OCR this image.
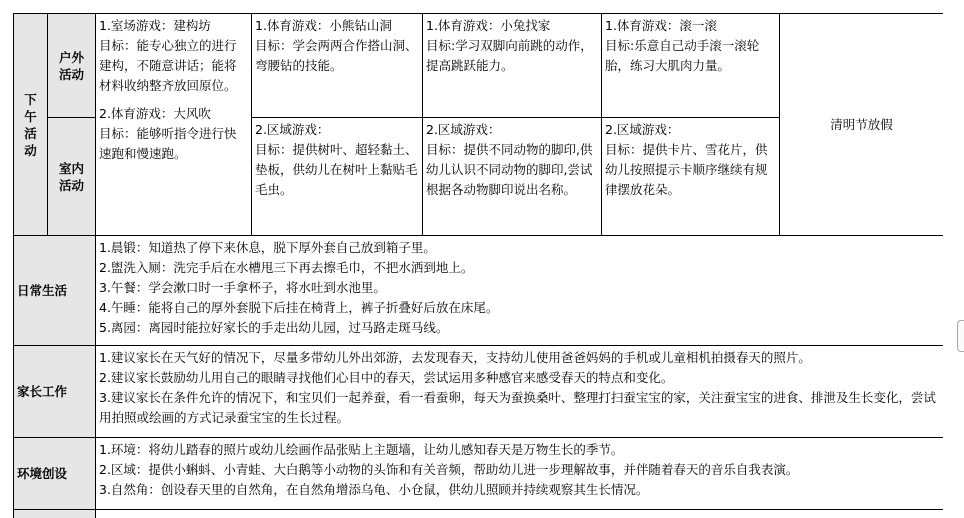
下午活动	户外活动	1.室场游戏：建构坊
目标：能专心独立的进行建构，不随意讲话；能将材料收纳整齐放回原位。
2.体育游戏：大风吹
目标：能够听指令进行快速跑和慢速跑。	1.体育游戏：小熊钻山洞
目标：学会两两合作搭山洞、弯腰钻的技能。	1.体育游戏：小兔找家
目标:学习双脚向前跳的动作，提高跳跃能力。	1.体育游戏：滚一滚
目标:乐意自己动手滚一滚轮胎，练习大肌肉力量。	清明节放假
	室内活动		2.区域游戏：
目标：提供树叶、超轻黏土、垫板，供幼儿在树叶上黏贴毛毛虫。	2.区域游戏：
目标：提供不同动物的脚印,供幼儿认识不同动物的脚印,尝试根据各动物脚印说出名称。	2.区域游戏：
目标：提供卡片、雪花片，供幼儿按照提示卡顺序继续有规律摆放花朵。	

日常生活		1.晨锻：知道热了停下来休息，脱下厚外套自己放到箱子里。
2.盥洗入厕：洗完手后在水槽甩三下再去擦毛巾，不把水洒到地上。
3.午餐：学会漱口时一手拿杯子，将水吐到水池里。
4.午睡：能将自己的厚外套脱下后挂在椅背上，裤子折叠好后放在床尾。
5.离园：离园时能拉好家长的手走出幼儿园，过马路走斑马线。				

家长工作		1.建议家长在天气好的情况下，尽量多带幼儿外出郊游，去发现春天，支持幼儿使用爸爸妈妈的手机或儿童相机拍摄春天的照片。
2.建议家长鼓励幼儿用自己的眼睛寻找他们心目中的春天，尝试运用多种感官来感受春天的特点和变化。
3.建议家长在条件允许的情况下，和宝贝们一起养蚕，看一看蚕卵，每天为蚕换桑叶、整理打扫蚕宝宝的家，关注蚕宝宝的进食、排泄及生长变化，尝试用拍照或绘画的方式记录蚕宝宝的生长过程。				

环境创设		1.环境：将幼儿踏春的照片或幼儿绘画作品张贴上主题墙，让幼儿感知春天是万物生长的季节。
2.区域：提供小蝌蚪、小青蛙、大白鹅等小动物的头饰和有关音频，帮助幼儿进一步理解故事，并伴随着春天的音乐自我表演。
3.自然角：创设春天里的自然角，在自然角增添乌龟、小仓鼠，供幼儿照顾并持续观察其生长情况。				
